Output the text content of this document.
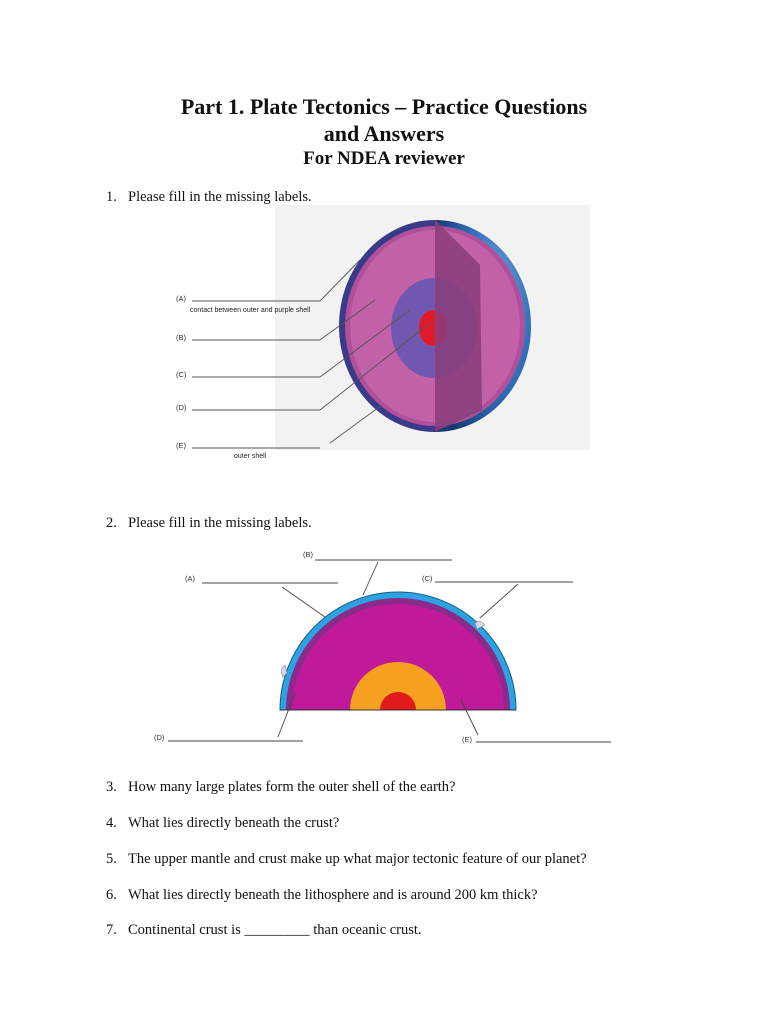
Part 1. Plate Tectonics – Practice Questions
and Answers
For NDEA reviewer
1. Please fill in the missing labels.
(A)
contact between outer and purple shell
(B)
(C)
(D)
(E)
outer shell
2. Please fill in the missing labels.
(A)
(B)
(C)
(D)	(E)
3. How many large plates form the outer shell of the earth?
4. What lies directly beneath the crust?
5. The upper mantle and crust make up what major tectonic feature of our planet?
6. What lies directly beneath the lithosphere and is around 200 km thick?
7. Continental crust is _________ than oceanic crust.
